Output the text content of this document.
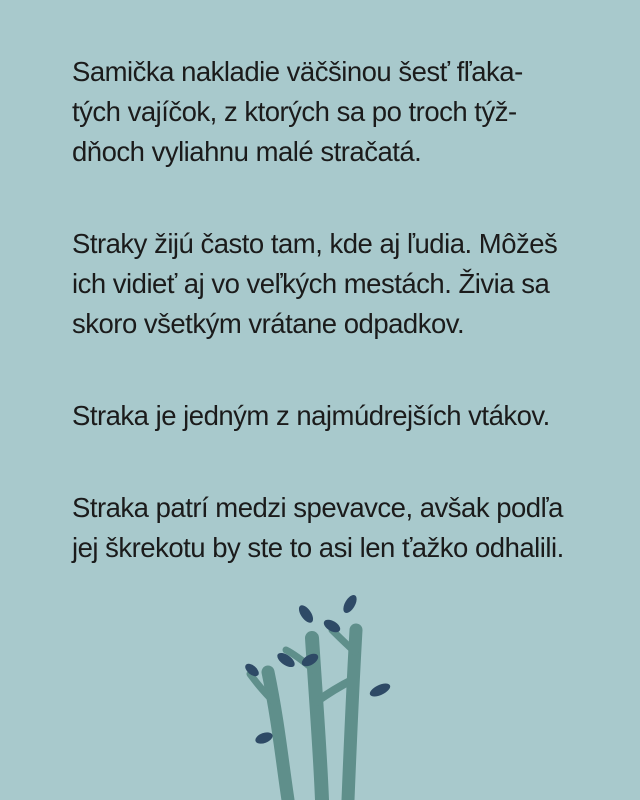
Samička nakladie väčšinou šesť fľaka-
tých vajíčok, z ktorých sa po troch týž-
dňoch vyliahnu malé stračatá.

Straky žijú často tam, kde aj ľudia. Môžeš
ich vidieť aj vo veľkých mestách. Živia sa
skoro všetkým vrátane odpadkov.

Straka je jedným z najmúdrejších vtákov.

Straka patrí medzi spevavce, avšak podľa
jej škrekotu by ste to asi len ťažko odhalili.
